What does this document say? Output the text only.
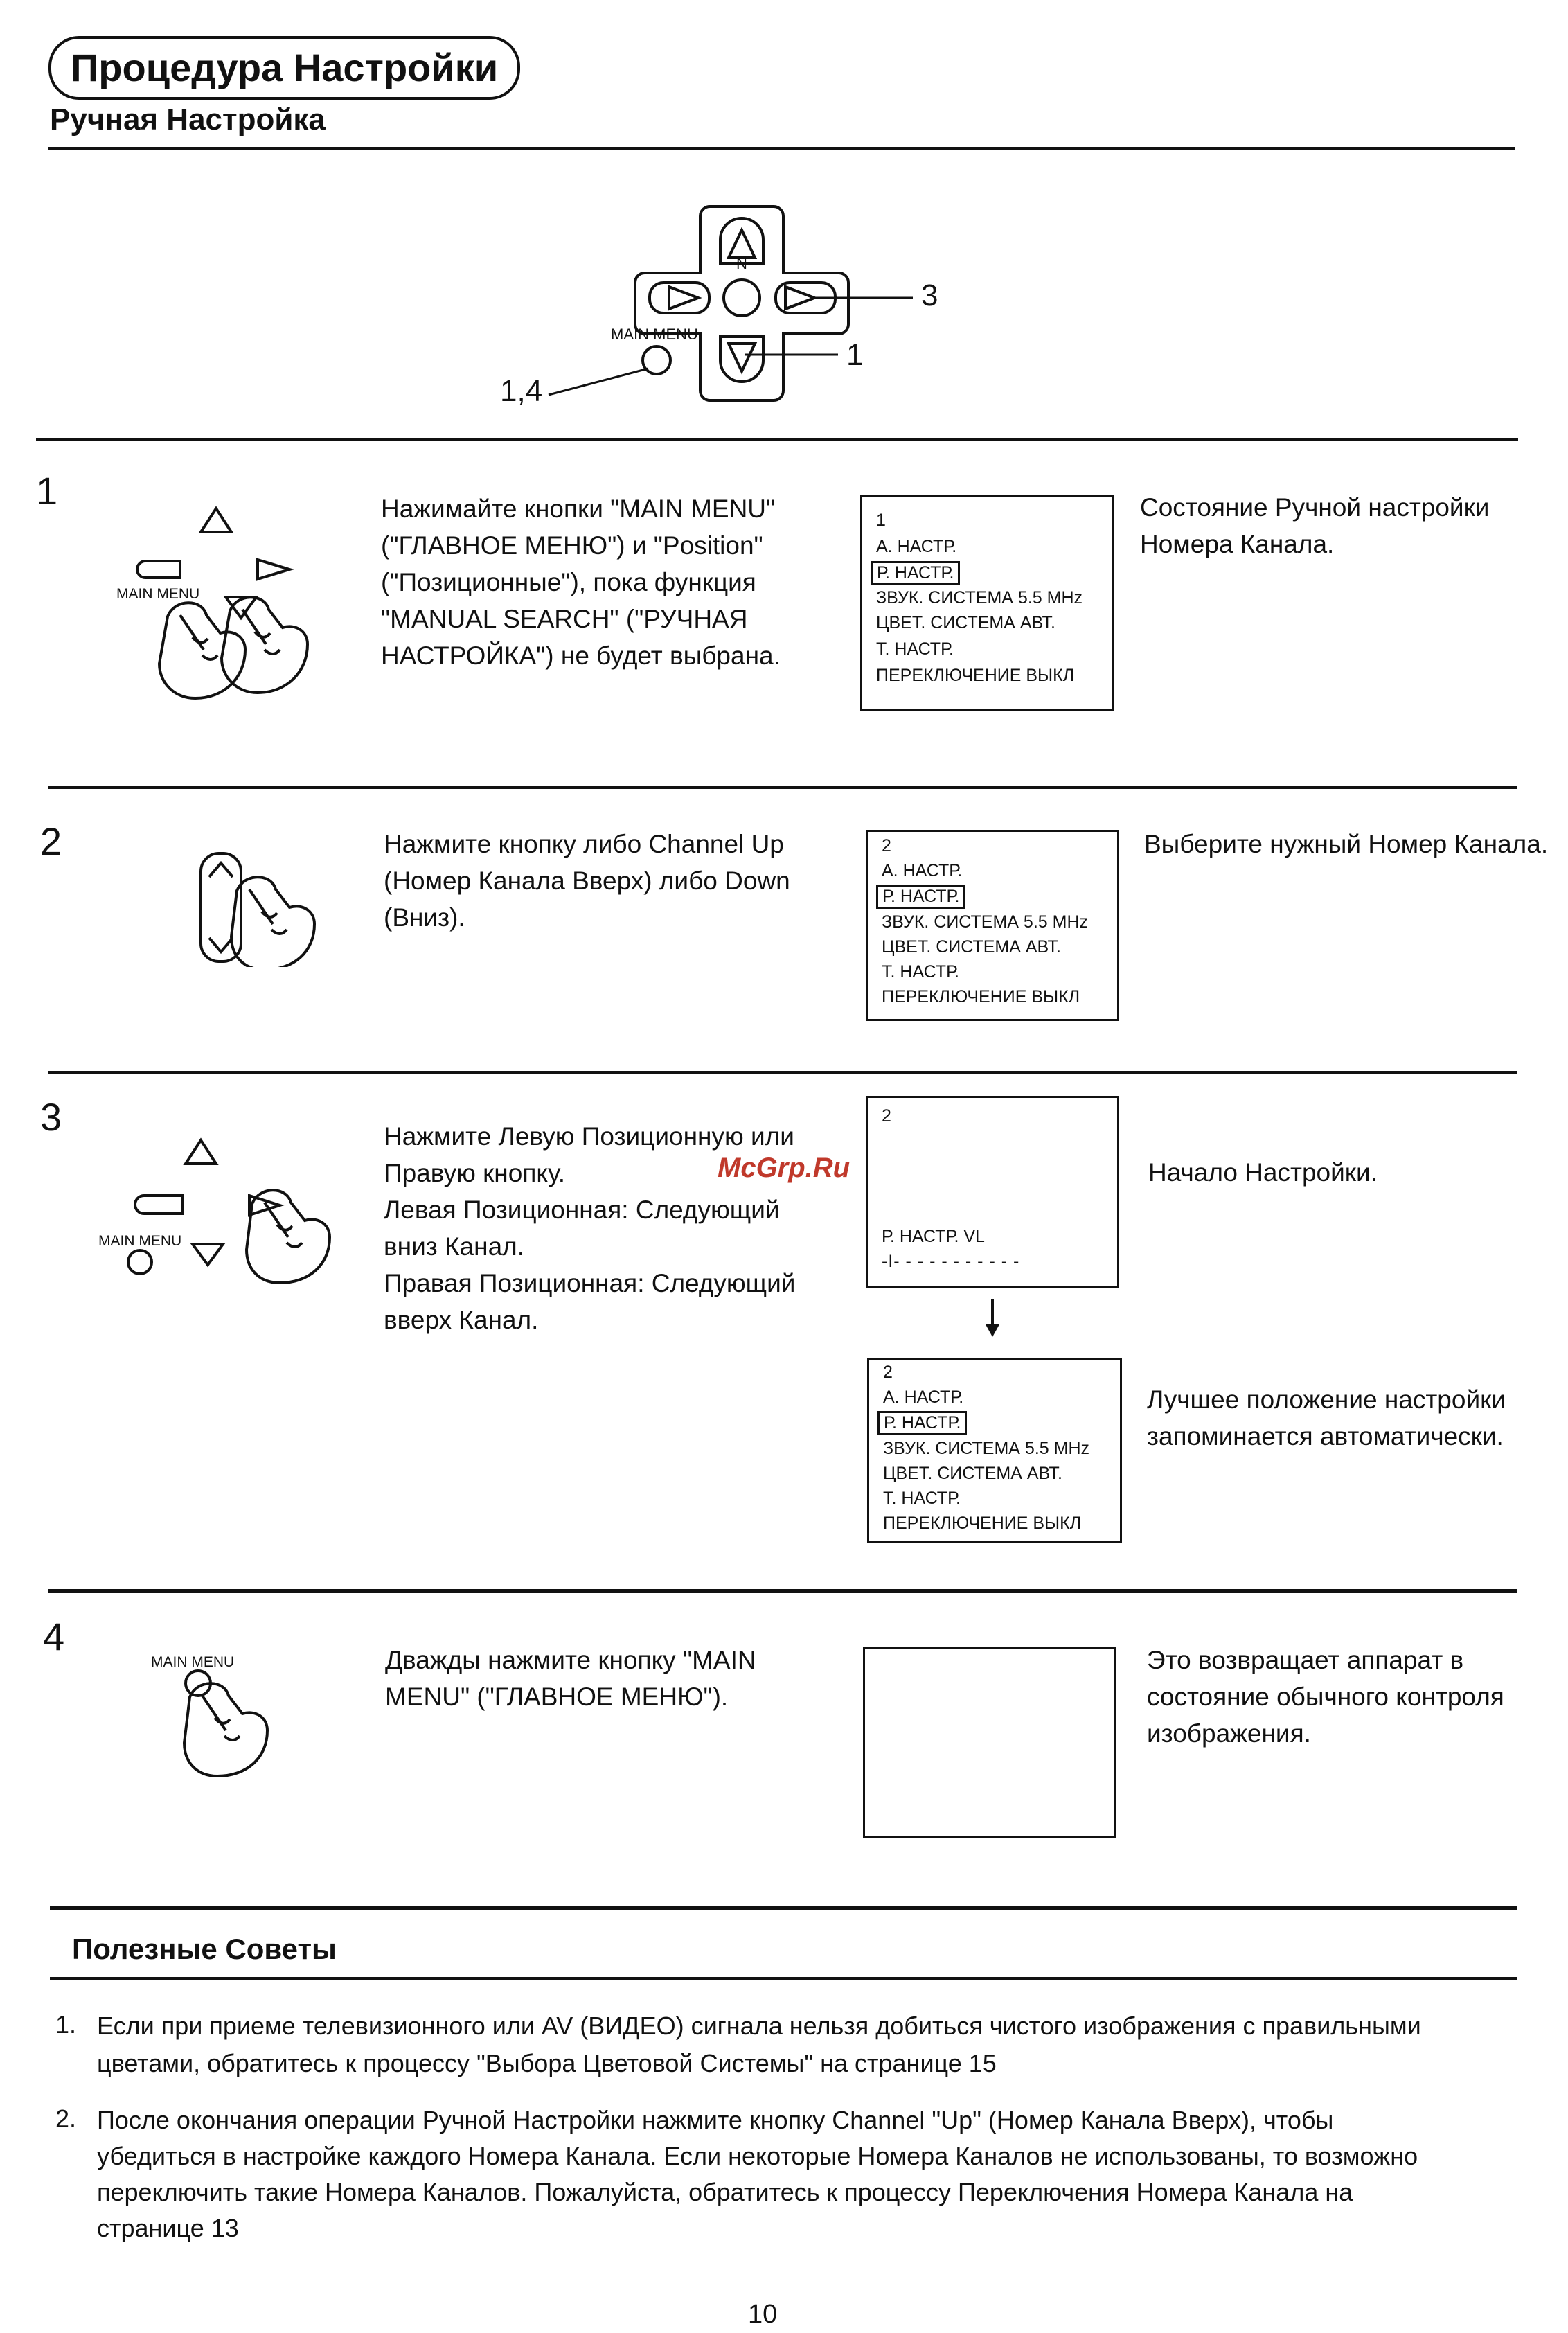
Процедура Настройки
Ручная Настройка
N
MAIN MENU
3
1
1,4
1
MAIN MENU
Нажимайте кнопки "MAIN MENU"
("ГЛАВНОЕ МЕНЮ") и "Position"
("Позиционные"), пока функция
"MANUAL SEARCH" ("РУЧНАЯ
НАСТРОЙКА") не будет выбрана.
1
А. НАСТР.
Р. НАСТР.
ЗВУК. СИСТЕМА 5.5 MHz
ЦВЕТ. СИСТЕМА АВТ.
Т. НАСТР.
ПЕРЕКЛЮЧЕНИЕ ВЫКЛ
Состояние Ручной настройки
Номера Канала.
2	Нажмите кнопку либо Channel Up
(Номер Канала Вверх) либо Down
(Вниз).
2
А. НАСТР.
Р. НАСТР.
ЗВУК. СИСТЕМА 5.5 MHz
ЦВЕТ. СИСТЕМА АВТ.
Т. НАСТР.
ПЕРЕКЛЮЧЕНИЕ ВЫКЛ
Выберите нужный Номер Канала.
3
MAIN MENU
Нажмите Левую Позиционную или
Правую кнопку.
Левая Позиционная: Следующий
вниз Канал.
Правая Позиционная: Следующий
вверх Канал.
2
Р. НАСТР. VL
-I- - - - - - - - - - -
McGrp.Ru	Начало Настройки.
2
А. НАСТР.
Р. НАСТР.
ЗВУК. СИСТЕМА 5.5 MHz
ЦВЕТ. СИСТЕМА АВТ.
Т. НАСТР.
ПЕРЕКЛЮЧЕНИЕ ВЫКЛ
Лучшее положение настройки
запоминается автоматически.
4
MAIN MENU	Дважды нажмите кнопку "MAIN
MENU" ("ГЛАВНОЕ МЕНЮ").
Это возвращает аппарат в
состояние обычного контроля
изображения.
Полезные Советы
1. Если при приеме телевизионного или AV (ВИДЕО) сигнала нельзя добиться чистого изображения с правильными
цветами, обратитесь к процессу "Выбора Цветовой Системы" на странице 15
2. После окончания операции Ручной Настройки нажмите кнопку Channel "Up" (Номер Канала Вверх), чтобы
убедиться в настройке каждого Номера Канала. Если некоторые Номера Каналов не использованы, то возможно
переключить такие Номера Каналов. Пожалуйста, обратитесь к процессу Переключения Номера Канала на
странице 13
10
